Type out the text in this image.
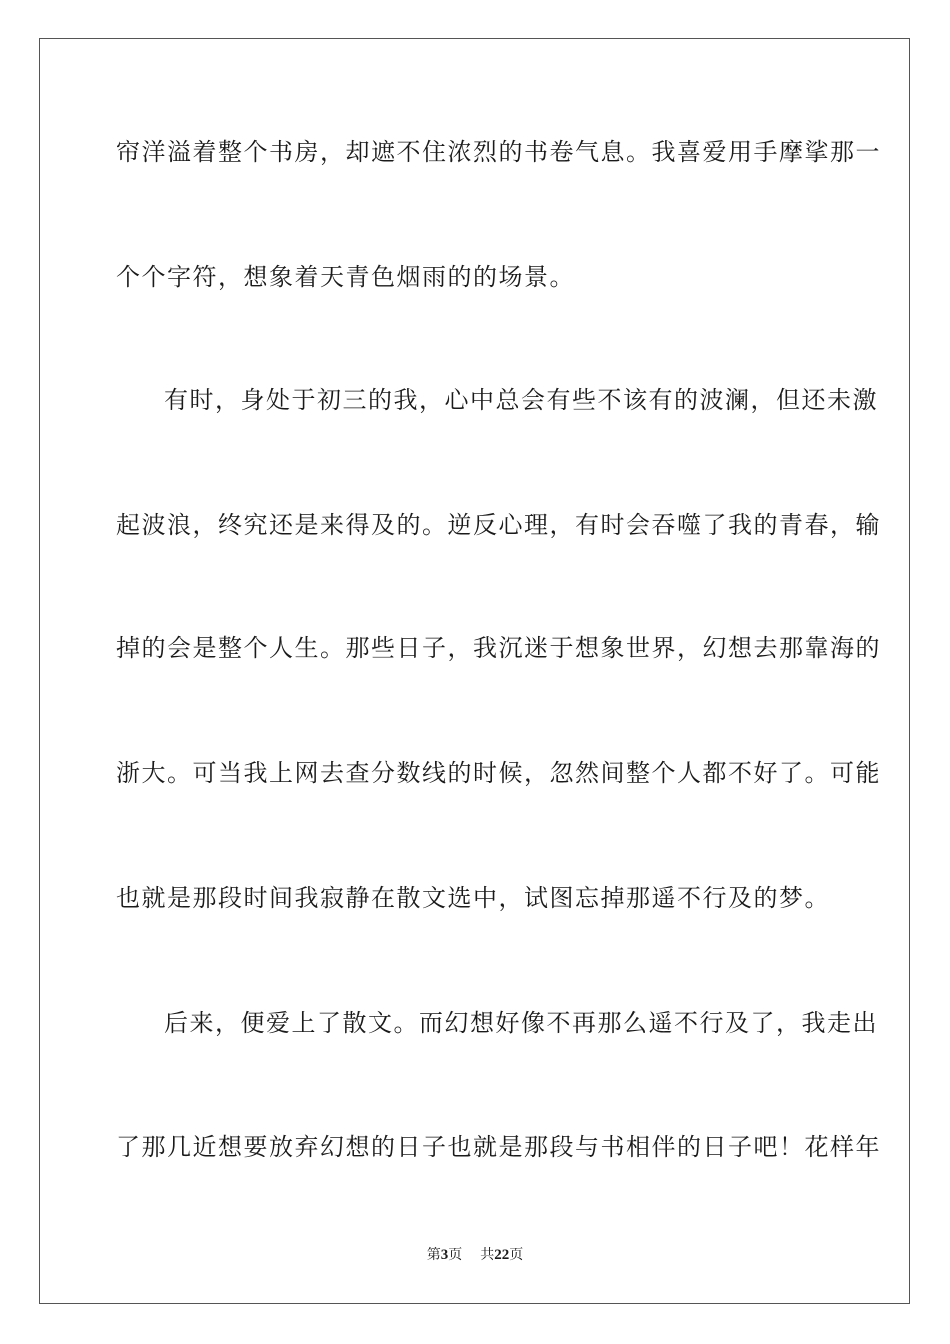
帘洋溢着整个书房，却遮不住浓烈的书卷气息。我喜爱用手摩挲那一
个个字符，想象着天青色烟雨的的场景。
有时，身处于初三的我，心中总会有些不该有的波澜，但还未激
起波浪，终究还是来得及的。逆反心理，有时会吞噬了我的青春，输
掉的会是整个人生。那些日子，我沉迷于想象世界，幻想去那靠海的
浙大。可当我上网去查分数线的时候，忽然间整个人都不好了。可能
也就是那段时间我寂静在散文选中，试图忘掉那遥不行及的梦。
后来，便爱上了散文。而幻想好像不再那么遥不行及了，我走出
了那几近想要放弃幻想的日子也就是那段与书相伴的日子吧！花样年
第3页 共22页
